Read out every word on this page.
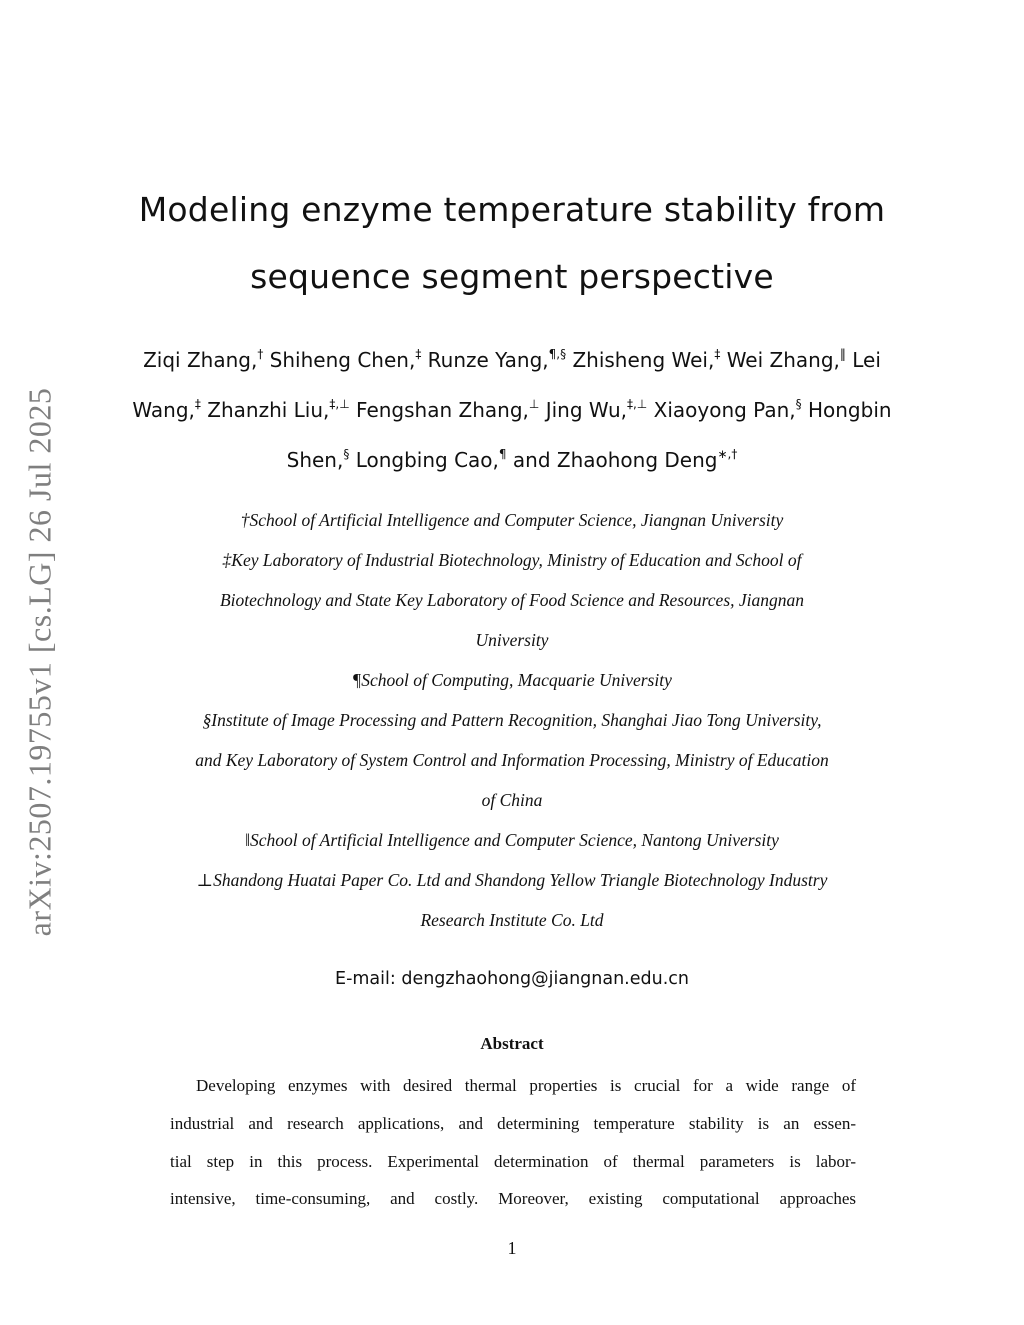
arXiv:2507.19755v1 [cs.LG] 26 Jul 2025
Modeling enzyme temperature stability from
sequence segment perspective
Ziqi Zhang,† Shiheng Chen,‡ Runze Yang,¶,§ Zhisheng Wei,‡ Wei Zhang,‖ Lei
Wang,‡ Zhanzhi Liu,‡,⊥ Fengshan Zhang,⊥ Jing Wu,‡,⊥ Xiaoyong Pan,§ Hongbin
Shen,§ Longbing Cao,¶ and Zhaohong Deng∗,†
†School of Artificial Intelligence and Computer Science, Jiangnan University
‡Key Laboratory of Industrial Biotechnology, Ministry of Education and School of
Biotechnology and State Key Laboratory of Food Science and Resources, Jiangnan
University
¶School of Computing, Macquarie University
§Institute of Image Processing and Pattern Recognition, Shanghai Jiao Tong University,
and Key Laboratory of System Control and Information Processing, Ministry of Education
of China
‖School of Artificial Intelligence and Computer Science, Nantong University
⊥Shandong Huatai Paper Co. Ltd and Shandong Yellow Triangle Biotechnology Industry
Research Institute Co. Ltd
E-mail: dengzhaohong@jiangnan.edu.cn
Abstract
Developing enzymes with desired thermal properties is crucial for a wide range of
industrial and research applications, and determining temperature stability is an essen-
tial step in this process. Experimental determination of thermal parameters is labor-
intensive, time-consuming, and costly. Moreover, existing computational approaches
1
